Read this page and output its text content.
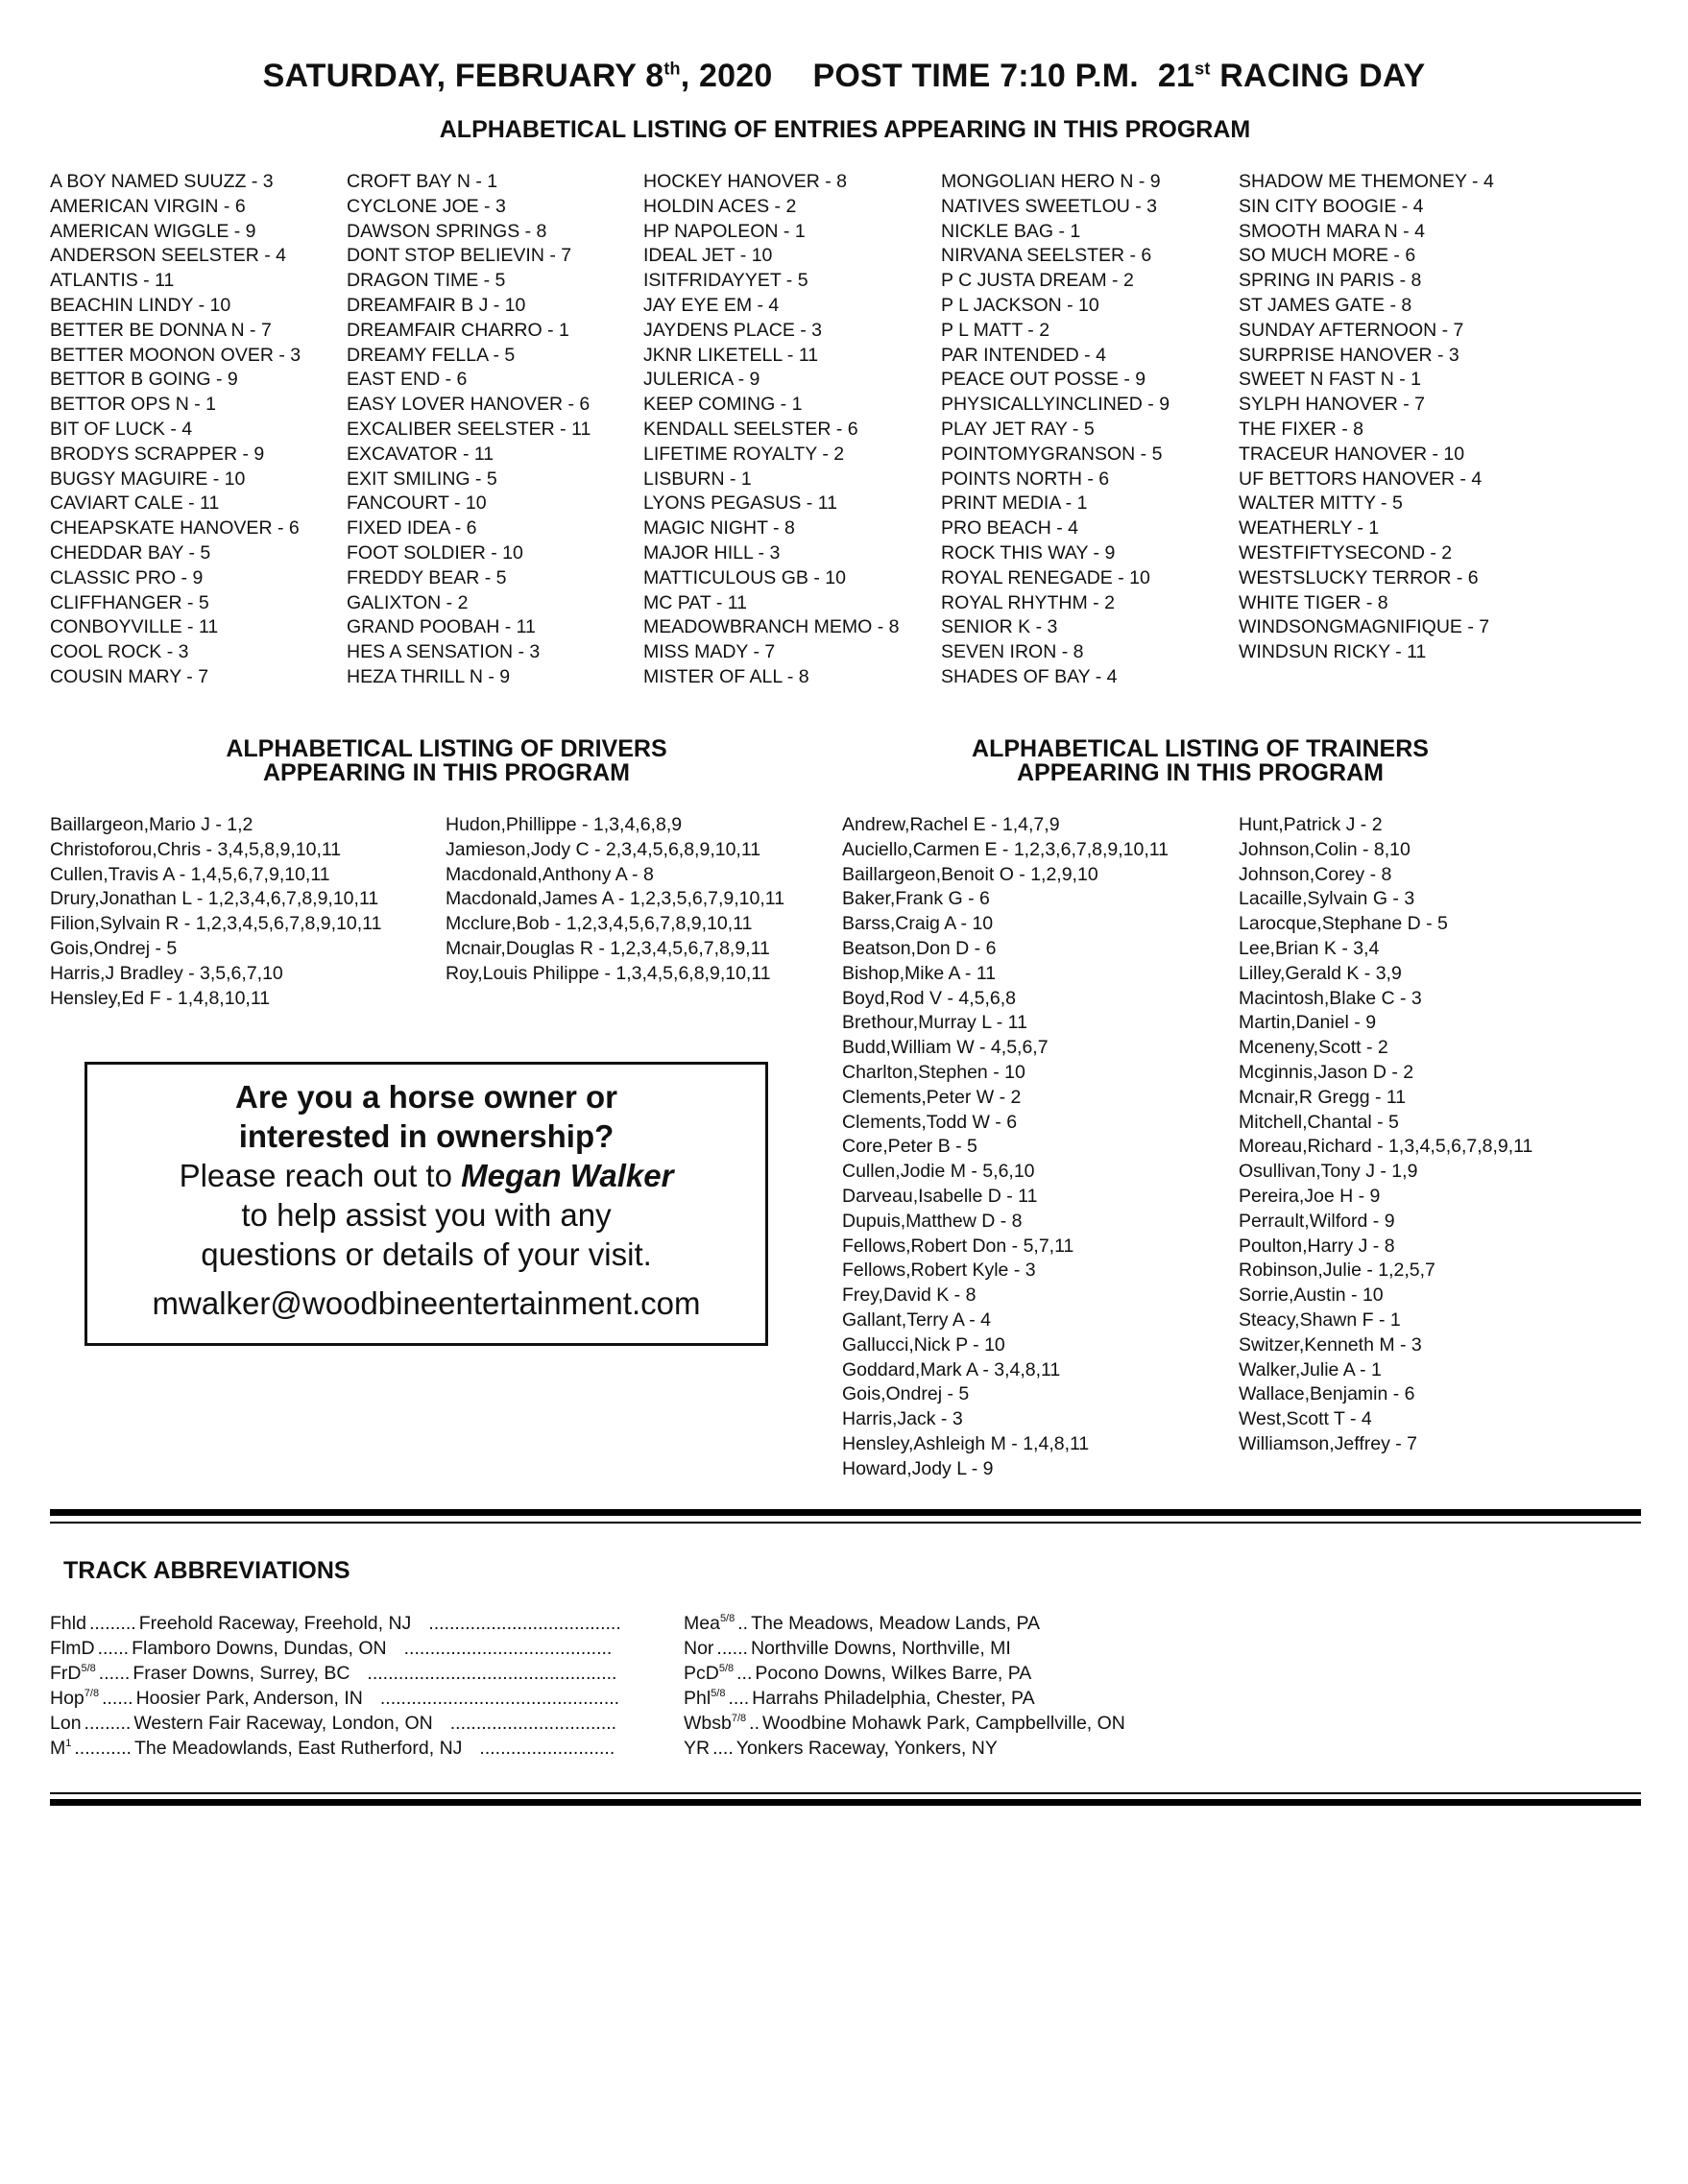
SATURDAY, FEBRUARY 8th, 2020 POST TIME 7:10 P.M. 21st RACING DAY
ALPHABETICAL LISTING OF ENTRIES APPEARING IN THIS PROGRAM
A BOY NAMED SUUZZ - 3
AMERICAN VIRGIN - 6
AMERICAN WIGGLE - 9
ANDERSON SEELSTER - 4
ATLANTIS - 11
BEACHIN LINDY - 10
BETTER BE DONNA N - 7
BETTER MOONON OVER - 3
BETTOR B GOING - 9
BETTOR OPS N - 1
BIT OF LUCK - 4
BRODYS SCRAPPER - 9
BUGSY MAGUIRE - 10
CAVIART CALE - 11
CHEAPSKATE HANOVER - 6
CHEDDAR BAY - 5
CLASSIC PRO - 9
CLIFFHANGER - 5
CONBOYVILLE - 11
COOL ROCK - 3
COUSIN MARY - 7
CROFT BAY N - 1
CYCLONE JOE - 3
DAWSON SPRINGS - 8
DONT STOP BELIEVIN - 7
DRAGON TIME - 5
DREAMFAIR B J - 10
DREAMFAIR CHARRO - 1
DREAMY FELLA - 5
EAST END - 6
EASY LOVER HANOVER - 6
EXCALIBER SEELSTER - 11
EXCAVATOR - 11
EXIT SMILING - 5
FANCOURT - 10
FIXED IDEA - 6
FOOT SOLDIER - 10
FREDDY BEAR - 5
GALIXTON - 2
GRAND POOBAH - 11
HES A SENSATION - 3
HEZA THRILL N - 9
HOCKEY HANOVER - 8
HOLDIN ACES - 2
HP NAPOLEON - 1
IDEAL JET - 10
ISITFRIDAYYET - 5
JAY EYE EM - 4
JAYDENS PLACE - 3
JKNR LIKETELL - 11
JULERICA - 9
KEEP COMING - 1
KENDALL SEELSTER - 6
LIFETIME ROYALTY - 2
LISBURN - 1
LYONS PEGASUS - 11
MAGIC NIGHT - 8
MAJOR HILL - 3
MATTICULOUS GB - 10
MC PAT - 11
MEADOWBRANCH MEMO - 8
MISS MADY - 7
MISTER OF ALL - 8
MONGOLIAN HERO N - 9
NATIVES SWEETLOU - 3
NICKLE BAG - 1
NIRVANA SEELSTER - 6
P C JUSTA DREAM - 2
P L JACKSON - 10
P L MATT - 2
PAR INTENDED - 4
PEACE OUT POSSE - 9
PHYSICALLYINCLINED - 9
PLAY JET RAY - 5
POINTOMYGRANSON - 5
POINTS NORTH - 6
PRINT MEDIA - 1
PRO BEACH - 4
ROCK THIS WAY - 9
ROYAL RENEGADE - 10
ROYAL RHYTHM - 2
SENIOR K - 3
SEVEN IRON - 8
SHADES OF BAY - 4
SHADOW ME THEMONEY - 4
SIN CITY BOOGIE - 4
SMOOTH MARA N - 4
SO MUCH MORE - 6
SPRING IN PARIS - 8
ST JAMES GATE - 8
SUNDAY AFTERNOON - 7
SURPRISE HANOVER - 3
SWEET N FAST N - 1
SYLPH HANOVER - 7
THE FIXER - 8
TRACEUR HANOVER - 10
UF BETTORS HANOVER - 4
WALTER MITTY - 5
WEATHERLY - 1
WESTFIFTYSECOND - 2
WESTSLUCKY TERROR - 6
WHITE TIGER - 8
WINDSONGMAGNIFIQUE - 7
WINDSUN RICKY - 11
ALPHABETICAL LISTING OF DRIVERS
APPEARING IN THIS PROGRAM
Baillargeon,Mario J - 1,2
Christoforou,Chris - 3,4,5,8,9,10,11
Cullen,Travis A - 1,4,5,6,7,9,10,11
Drury,Jonathan L - 1,2,3,4,6,7,8,9,10,11
Filion,Sylvain R - 1,2,3,4,5,6,7,8,9,10,11
Gois,Ondrej - 5
Harris,J Bradley - 3,5,6,7,10
Hensley,Ed F - 1,4,8,10,11
Hudon,Phillippe - 1,3,4,6,8,9
Jamieson,Jody C - 2,3,4,5,6,8,9,10,11
Macdonald,Anthony A - 8
Macdonald,James A - 1,2,3,5,6,7,9,10,11
Mcclure,Bob - 1,2,3,4,5,6,7,8,9,10,11
Mcnair,Douglas R - 1,2,3,4,5,6,7,8,9,11
Roy,Louis Philippe - 1,3,4,5,6,8,9,10,11
ALPHABETICAL LISTING OF TRAINERS
APPEARING IN THIS PROGRAM
Andrew,Rachel E - 1,4,7,9
Auciello,Carmen E - 1,2,3,6,7,8,9,10,11
Baillargeon,Benoit O - 1,2,9,10
Baker,Frank G - 6
Barss,Craig A - 10
Beatson,Don D - 6
Bishop,Mike A - 11
Boyd,Rod V - 4,5,6,8
Brethour,Murray L - 11
Budd,William W - 4,5,6,7
Charlton,Stephen - 10
Clements,Peter W - 2
Clements,Todd W - 6
Core,Peter B - 5
Cullen,Jodie M - 5,6,10
Darveau,Isabelle D - 11
Dupuis,Matthew D - 8
Fellows,Robert Don - 5,7,11
Fellows,Robert Kyle - 3
Frey,David K - 8
Gallant,Terry A - 4
Gallucci,Nick P - 10
Goddard,Mark A - 3,4,8,11
Gois,Ondrej - 5
Harris,Jack - 3
Hensley,Ashleigh M - 1,4,8,11
Howard,Jody L - 9
Hunt,Patrick J - 2
Johnson,Colin - 8,10
Johnson,Corey - 8
Lacaille,Sylvain G - 3
Larocque,Stephane D - 5
Lee,Brian K - 3,4
Lilley,Gerald K - 3,9
Macintosh,Blake C - 3
Martin,Daniel - 9
Mceneny,Scott - 2
Mcginnis,Jason D - 2
Mcnair,R Gregg - 11
Mitchell,Chantal - 5
Moreau,Richard - 1,3,4,5,6,7,8,9,11
Osullivan,Tony J - 1,9
Pereira,Joe H - 9
Perrault,Wilford - 9
Poulton,Harry J - 8
Robinson,Julie - 1,2,5,7
Sorrie,Austin - 10
Steacy,Shawn F - 1
Switzer,Kenneth M - 3
Walker,Julie A - 1
Wallace,Benjamin - 6
West,Scott T - 4
Williamson,Jeffrey - 7
Are you a horse owner or
interested in ownership?
Please reach out to Megan Walker
to help assist you with any
questions or details of your visit.
mwalker@woodbineentertainment.com
TRACK ABBREVIATIONS
Fhld ......... Freehold Raceway, Freehold, NJ .....................................
FlmD ...... Flamboro Downs, Dundas, ON ........................................
FrD 5/8 ...... Fraser Downs, Surrey, BC ................................................
Hop 7/8 ...... Hoosier Park, Anderson, IN ..............................................
Lon ......... Western Fair Raceway, London, ON ................................
M 1 ........... The Meadowlands, East Rutherford, NJ ..........................
Mea 5/8 .. The Meadows, Meadow Lands, PA
Nor ...... Northville Downs, Northville, MI
PcD 5/8 ... Pocono Downs, Wilkes Barre, PA
Phl 5/8 .... Harrahs Philadelphia, Chester, PA
Wbsb 7/8 .. Woodbine Mohawk Park, Campbellville, ON
YR .... Yonkers Raceway, Yonkers, NY
